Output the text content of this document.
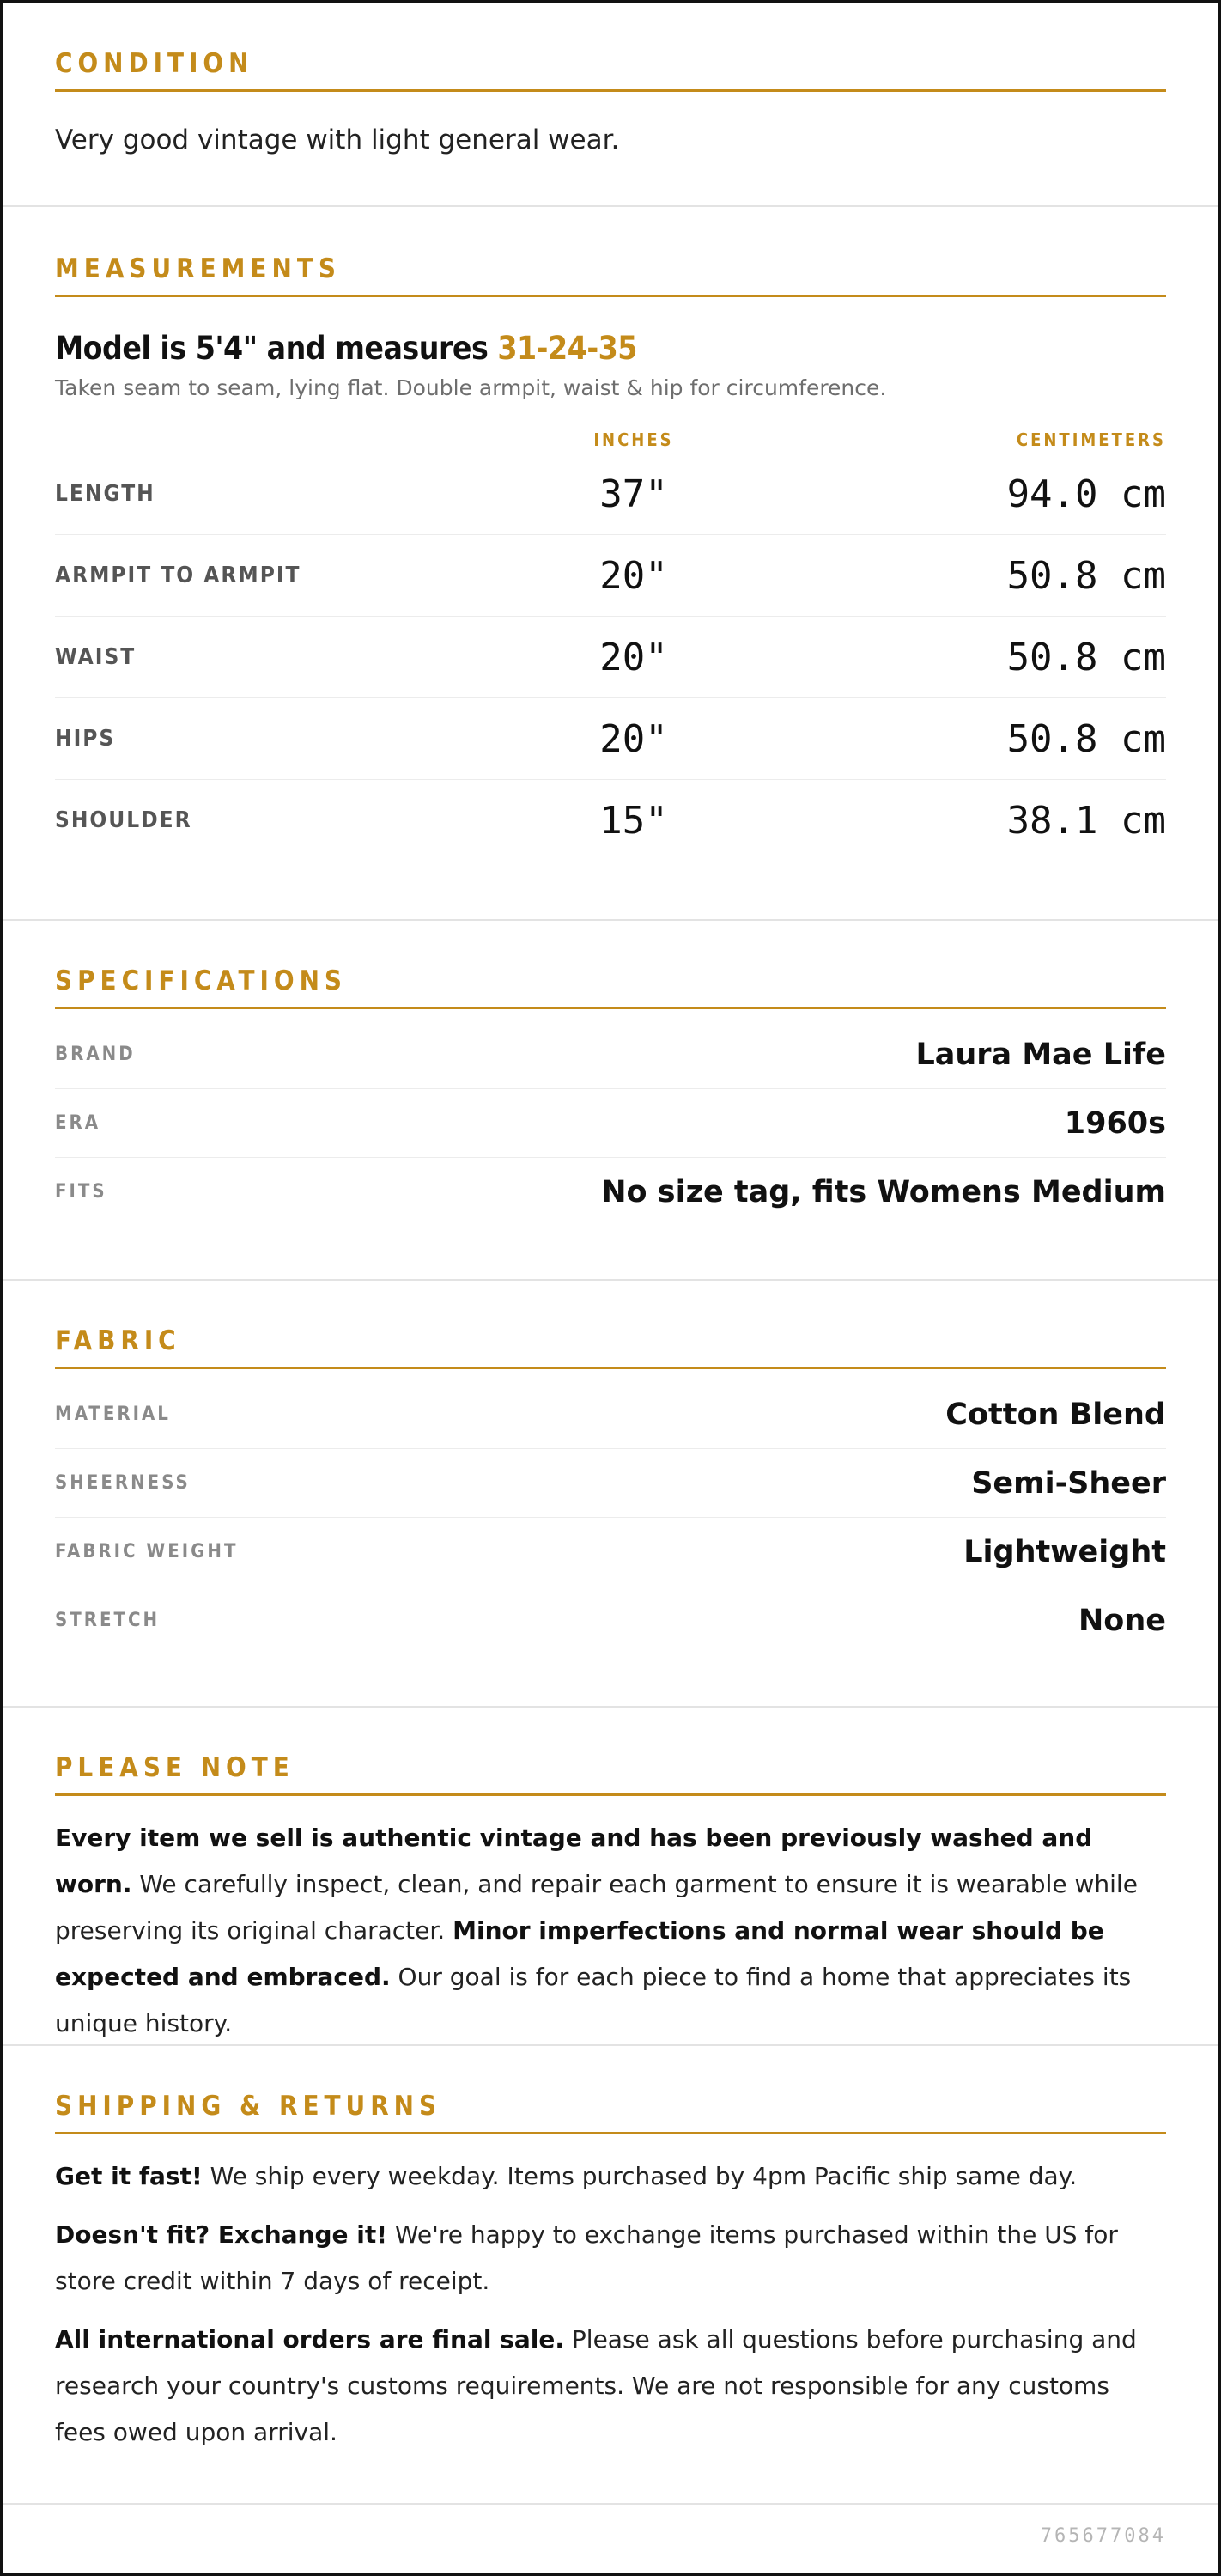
CONDITION
Very good vintage with light general wear.
MEASUREMENTS
Model is 5'4" and measures 31-24-35
Taken seam to seam, lying flat. Double armpit, waist & hip for circumference.
INCHES	CENTIMETERS
LENGTH	37"	94.0 cm
ARMPIT TO ARMPIT	20"	50.8 cm
WAIST	20"	50.8 cm
HIPS	20"	50.8 cm
SHOULDER	15"	38.1 cm
SPECIFICATIONS
BRAND	Laura Mae Life
ERA	1960s
FITS	No size tag, fits Womens Medium
FABRIC
MATERIAL	Cotton Blend
SHEERNESS	Semi-Sheer
FABRIC WEIGHT	Lightweight
STRETCH	None
PLEASE NOTE
Every item we sell is authentic vintage and has been previously washed and worn. We carefully inspect, clean, and repair each garment to ensure it is wearable while preserving its original character. Minor imperfections and normal wear should be expected and embraced. Our goal is for each piece to find a home that appreciates its unique history.
SHIPPING & RETURNS
Get it fast! We ship every weekday. Items purchased by 4pm Pacific ship same day.
Doesn't fit? Exchange it! We're happy to exchange items purchased within the US for store credit within 7 days of receipt.
All international orders are final sale. Please ask all questions before purchasing and research your country's customs requirements. We are not responsible for any customs fees owed upon arrival.
765677084
